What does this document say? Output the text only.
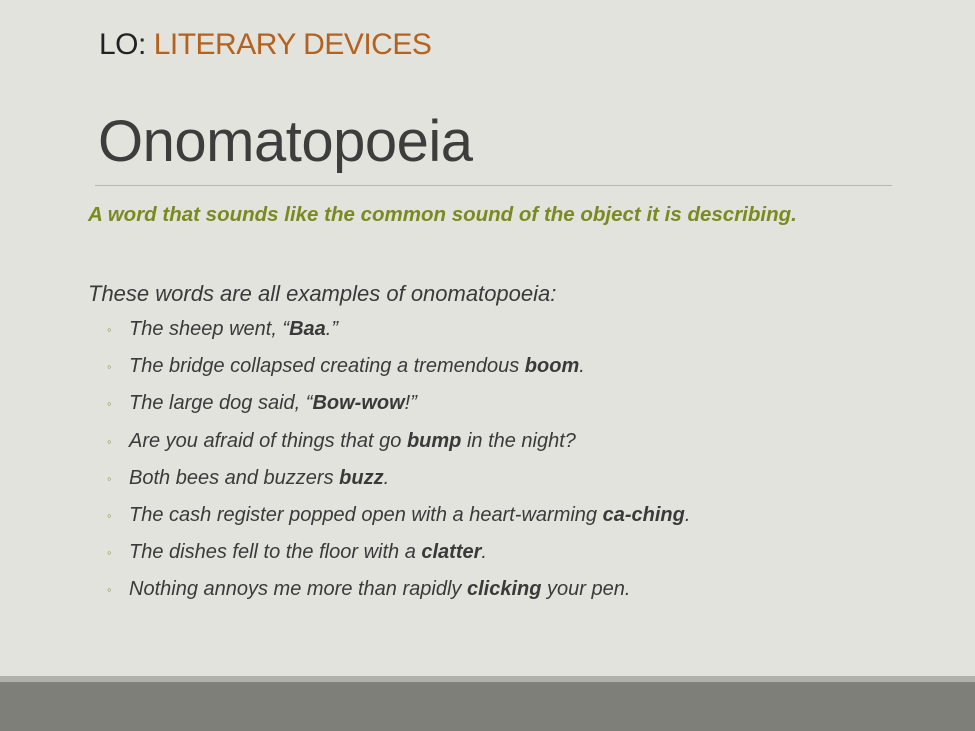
LO: LITERARY DEVICES
Onomatopoeia
A word that sounds like the common sound of the object it is describing.
These words are all examples of onomatopoeia:
◦ The sheep went, “Baa.”
◦ The bridge collapsed creating a tremendous boom.
◦ The large dog said, “Bow-wow!”
◦ Are you afraid of things that go bump in the night?
◦ Both bees and buzzers buzz.
◦ The cash register popped open with a heart-warming ca-ching.
◦ The dishes fell to the floor with a clatter.
◦ Nothing annoys me more than rapidly clicking your pen.
